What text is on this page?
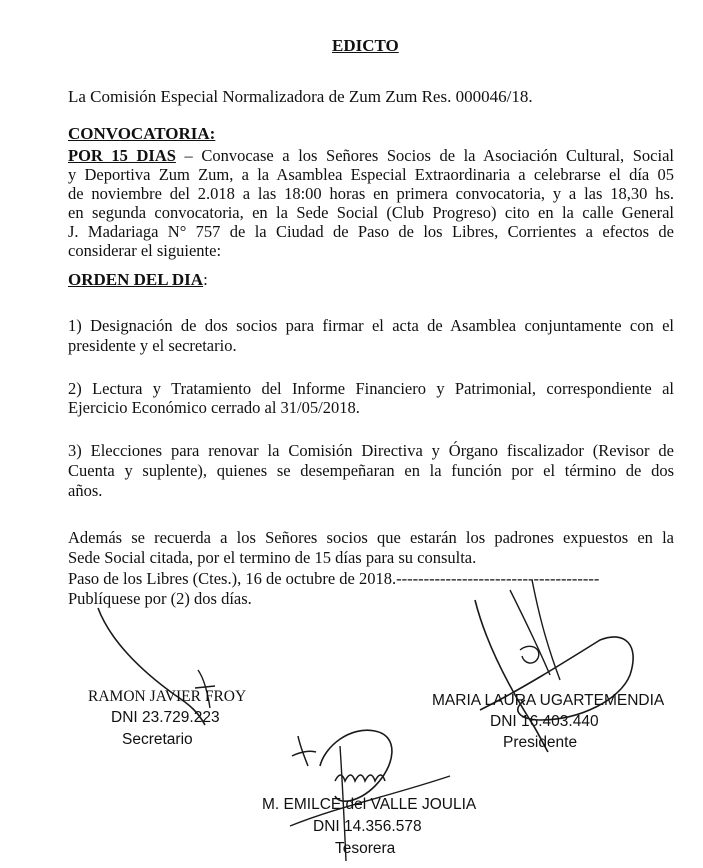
EDICTO
La Comisión Especial Normalizadora de Zum Zum Res. 000046/18.
CONVOCATORIA:
POR 15 DIAS – Convocase a los Señores Socios de la Asociación Cultural, Social
y Deportiva Zum Zum, a la Asamblea Especial Extraordinaria a celebrarse el día 05
de noviembre del 2.018 a las 18:00 horas en primera convocatoria, y a las 18,30 hs.
en segunda convocatoria, en la Sede Social (Club Progreso) cito en la calle General
J. Madariaga N° 757 de la Ciudad de Paso de los Libres, Corrientes a efectos de
considerar el siguiente:
ORDEN DEL DIA:
1) Designación de dos socios para firmar el acta de Asamblea conjuntamente con el
presidente y el secretario.
2) Lectura y Tratamiento del Informe Financiero y Patrimonial, correspondiente al
Ejercicio Económico cerrado al 31/05/2018.
3) Elecciones para renovar la Comisión Directiva y Órgano fiscalizador (Revisor de
Cuenta y suplente), quienes se desempeñaran en la función por el término de dos
años.
Además se recuerda a los Señores socios que estarán los padrones expuestos en la
Sede Social citada, por el termino de 15 días para su consulta.
Paso de los Libres (Ctes.), 16 de octubre de 2018.-------------------------------------
Publíquese por (2) dos días.
RAMON JAVIER FROY
DNI 23.729.223
Secretario
MARIA LAURA UGARTEMENDIA
DNI 16.403.440
Presidente
M. EMILCE del VALLE JOULIA
DNI 14.356.578
Tesorera
